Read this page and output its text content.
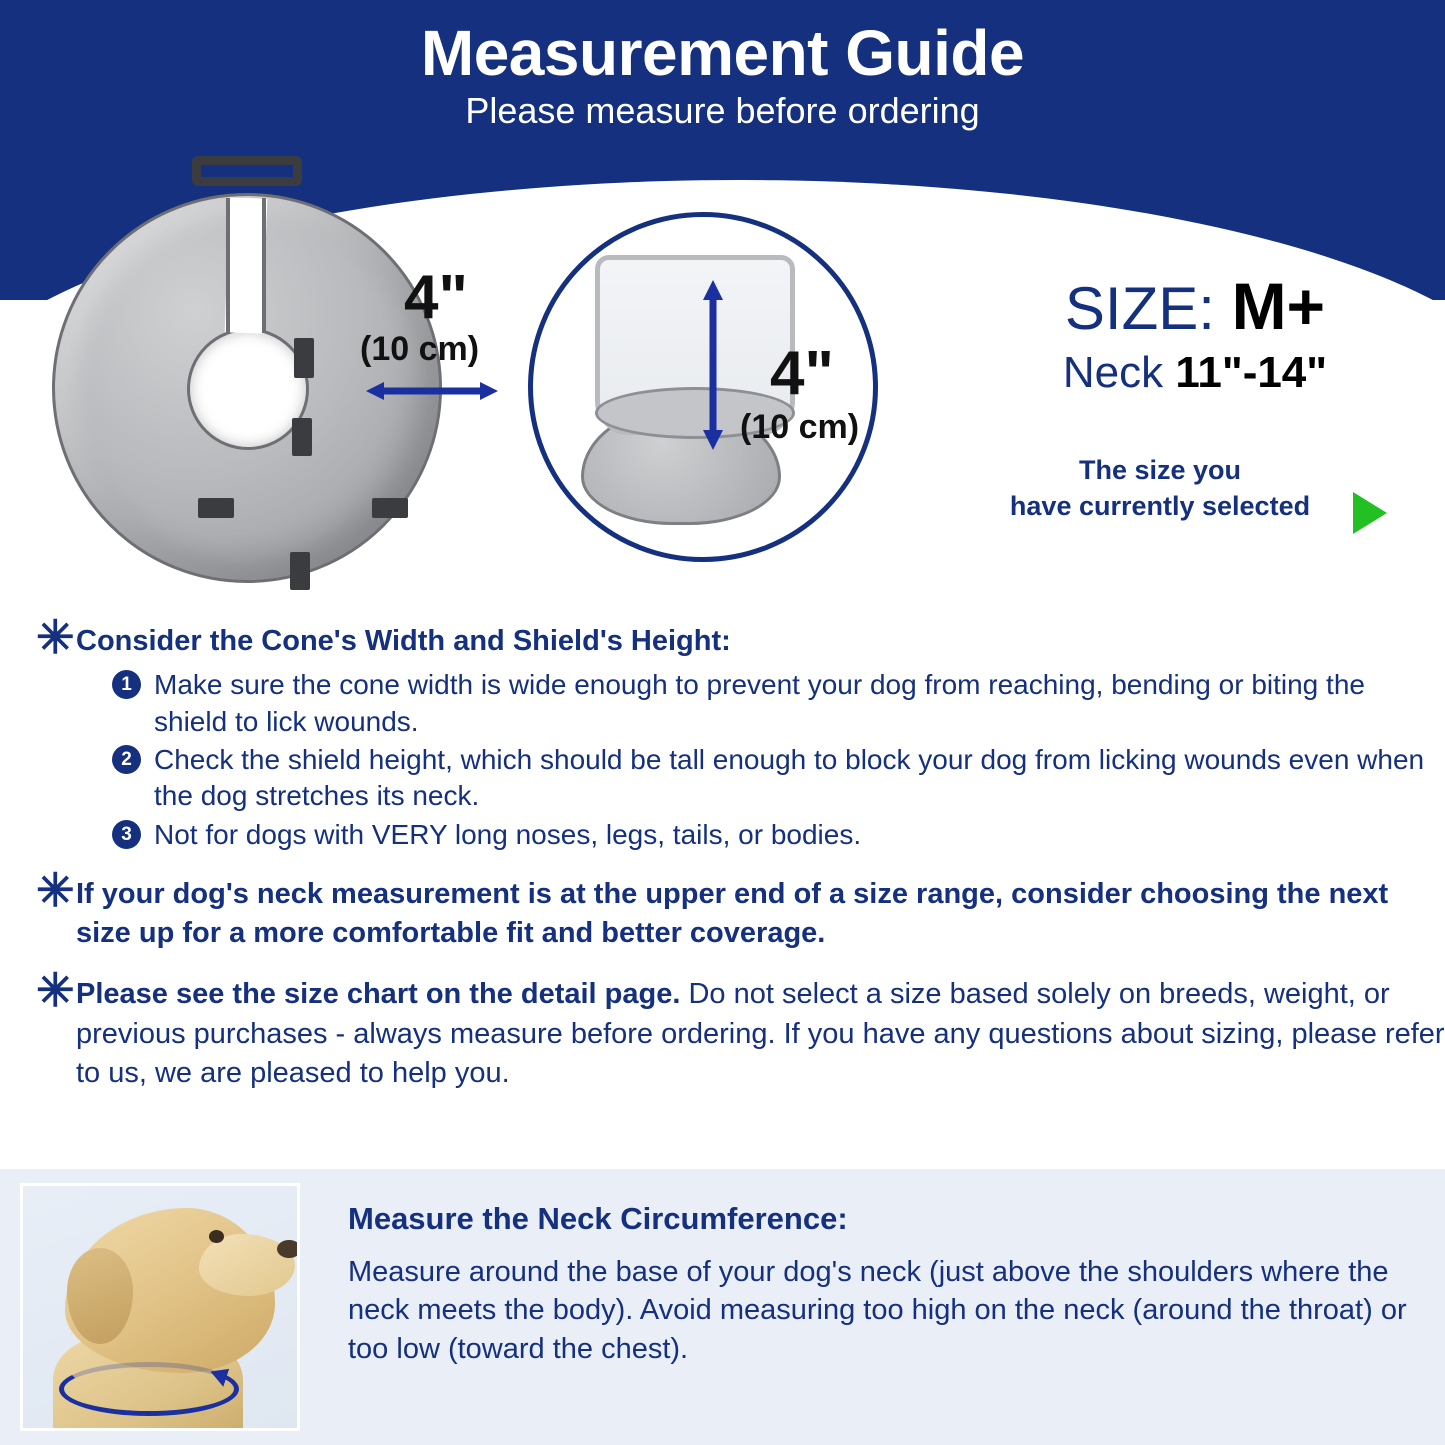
Measurement Guide
Please measure before ordering
4"
(10 cm)	4"
(10 cm)
SIZE: M+
Neck 11"-14"
The size you
have currently selected
✳ Consider the Cone's Width and Shield's Height:
1 Make sure the cone width is wide enough to prevent your dog from reaching, bending or biting the shield to lick wounds.
2 Check the shield height, which should be tall enough to block your dog from licking wounds even when the dog stretches its neck.
3 Not for dogs with VERY long noses, legs, tails, or bodies.
✳ If your dog's neck measurement is at the upper end of a size range, consider choosing the next size up for a more comfortable fit and better coverage.
✳ Please see the size chart on the detail page. Do not select a size based solely on breeds, weight, or previous purchases - always measure before ordering. If you have any questions about sizing, please refer to us, we are pleased to help you.
Measure the Neck Circumference:
Measure around the base of your dog's neck (just above the shoulders where the neck meets the body). Avoid measuring too high on the neck (around the throat) or too low (toward the chest).
